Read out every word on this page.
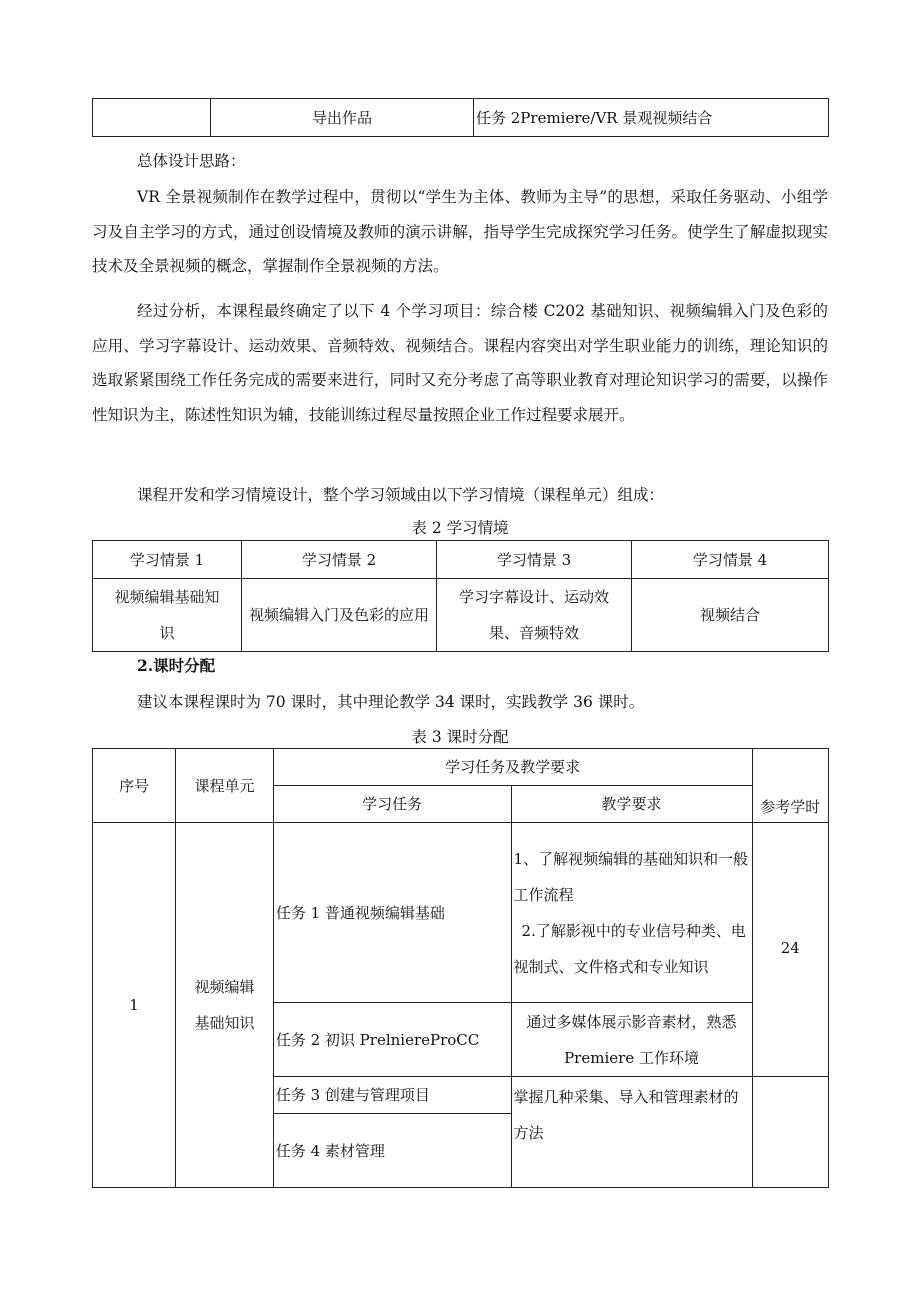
	导出作品	任务 2Premiere/VR 景观视频结合
总体设计思路：
VR 全景视频制作在教学过程中，贯彻以“学生为主体、教师为主导”的思想，采取任务驱动、小组学习及自主学习的方式，通过创设情境及教师的演示讲解，指导学生完成探究学习任务。使学生了解虚拟现实技术及全景视频的概念，掌握制作全景视频的方法。
经过分析，本课程最终确定了以下 4 个学习项目：综合楼 C202 基础知识、视频编辑入门及色彩的应用、学习字幕设计、运动效果、音频特效、视频结合。课程内容突出对学生职业能力的训练，理论知识的选取紧紧围绕工作任务完成的需要来进行，同时又充分考虑了高等职业教育对理论知识学习的需要，以操作性知识为主，陈述性知识为辅，技能训练过程尽量按照企业工作过程要求展开。
课程开发和学习情境设计，整个学习领域由以下学习情境（课程单元）组成：
表 2 学习情境
学习情景 1	学习情景 2	学习情景 3	学习情景 4
视频编辑基础知识	视频编辑入门及色彩的应用	学习字幕设计、运动效果、音频特效	视频结合
2.课时分配
建议本课程课时为 70 课时，其中理论教学 34 课时，实践教学 36 课时。
表 3 课时分配
序号	课程单元	学习任务及教学要求		参考学时
		学习任务	教学要求	
1	视频编辑基础知识	任务 1 普通视频编辑基础	1、了解视频编辑的基础知识和一般工作流程
2.了解影视中的专业信号种类、电视制式、文件格式和专业知识	24
		任务 2 初识 PrelniereProCC	通过多媒体展示影音素材，熟悉 Premiere 工作环境	
		任务 3 创建与管理项目	掌握几种采集、导入和管理素材的方法	
		任务 4 素材管理		
